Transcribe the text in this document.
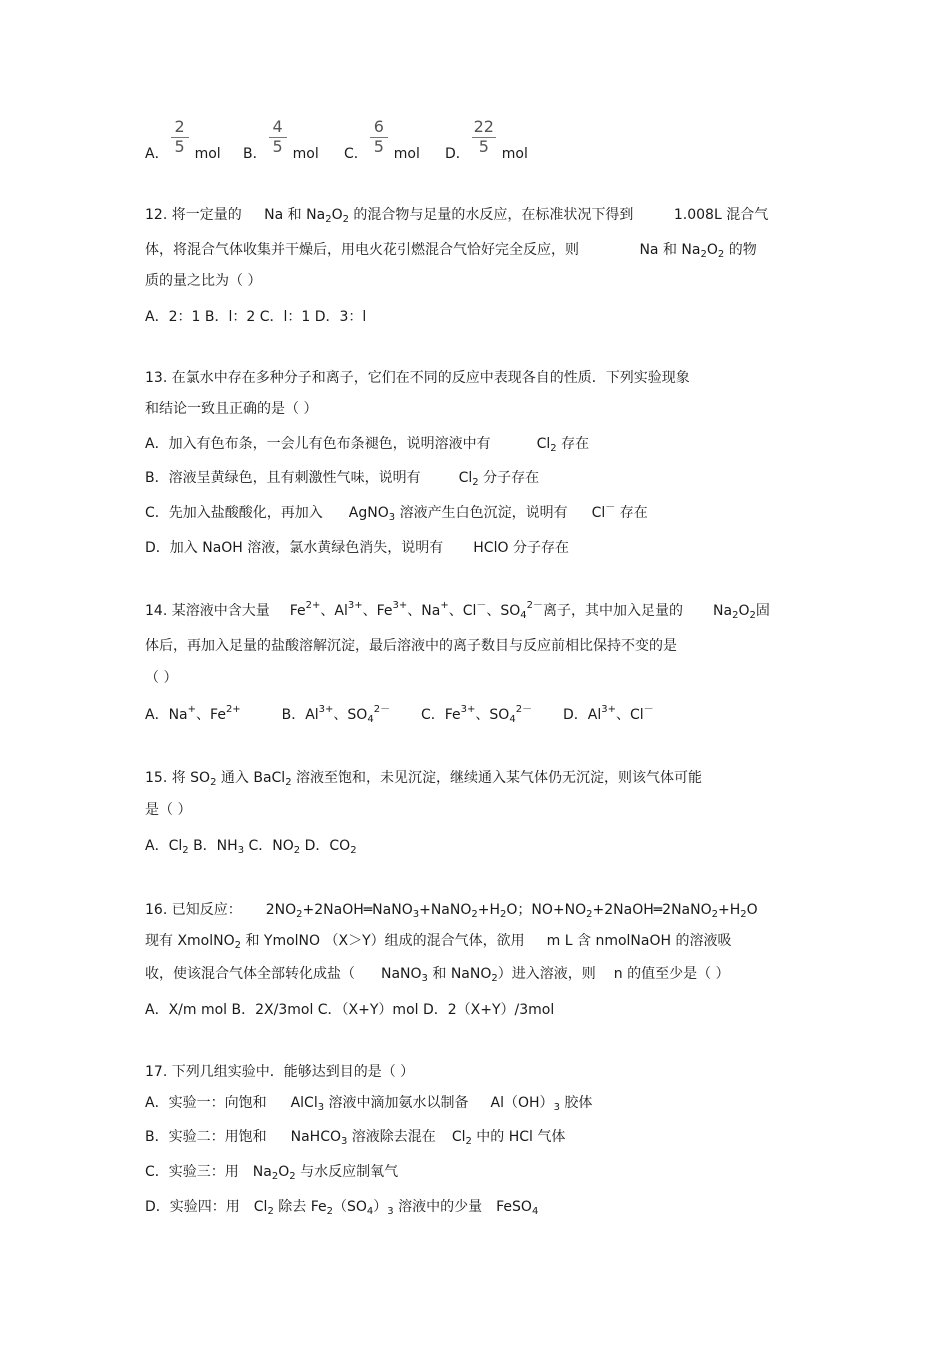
A． $\frac{2}{5}$ mol B． $\frac{4}{5}$ mol C． $\frac{6}{5}$ mol D． $\frac{22}{5}$ mol
12. 将一定量的 Na 和 $Na_2O_2$ 的混合物与足量的水反应，在标准状况下得到	1.008L 混合气
体，将混合气体收集并干燥后，用电火花引燃混合气恰好完全反应，则	Na 和 $Na_2O_2$ 的物
质的量之比为（ ）
A．2：1 B．l：2 C．l：1 D．3：l
13. 在氯水中存在多种分子和离子，它们在不同的反应中表现各自的性质．下列实验现象
和结论一致且正确的是（ ）
A．加入有色布条，一会儿有色布条褪色，说明溶液中有	$Cl_2$ 存在
B．溶液呈黄绿色，且有刺激性气味，说明有	$Cl_2$ 分子存在
C．先加入盐酸酸化，再加入 AgNO$_3$ 溶液产生白色沉淀，说明有 Cl－ 存在
D．加入 NaOH 溶液，氯水黄绿色消失，说明有 HClO 分子存在
14. 某溶液中含大量 $Fe^{2+}$、$Al^{3+}$、$Fe^{3+}$、Na+、Cl－、$SO_4^{2-}$离子，其中加入足量的 $Na_2O_2$固
体后，再加入足量的盐酸溶解沉淀，最后溶液中的离子数目与反应前相比保持不变的是
（ ）
A．Na+、$Fe^{2+}$	B．$Al^{3+}$、$SO_4^{2-}$ C．$Fe^{3+}$、$SO_4^{2-}$ D．$Al^{3+}$、Cl－
15. 将 $SO_2$ 通入 BaCl$_2$ 溶液至饱和，未见沉淀，继续通入某气体仍无沉淀，则该气体可能
是（ ）
A．$Cl_2$ B．$NH_3$ C．$NO_2$ D．$CO_2$
16. 已知反应： $2NO_2+2NaOH═NaNO_3+NaNO_2+H_2O$；$NO+NO_2+2NaOH═2NaNO_2+H_2O$
现有 XmolNO$_2$ 和 YmolNO （X＞Y）组成的混合气体，欲用 m L 含 nmolNaOH 的溶液吸
收，使该混合气体全部转化成盐（ NaNO$_3$ 和 NaNO$_2$）进入溶液，则 n 的值至少是（ ）
A．X/m mol B．2X/3mol C．（X+Y）mol D．2（X+Y）/3mol
17. 下列几组实验中．能够达到目的是（ ）
A．实验一：向饱和 AlCl$_3$ 溶液中滴加氨水以制备 $Al(OH)_3$ 胶体
B．实验二：用饱和 NaHCO$_3$ 溶液除去混在 $Cl_2$ 中的 HCl 气体
C．实验三：用 $Na_2O_2$ 与水反应制氧气
D．实验四：用 $Cl_2$ 除去 $Fe_2(SO_4)_3$ 溶液中的少量 FeSO$_4$
